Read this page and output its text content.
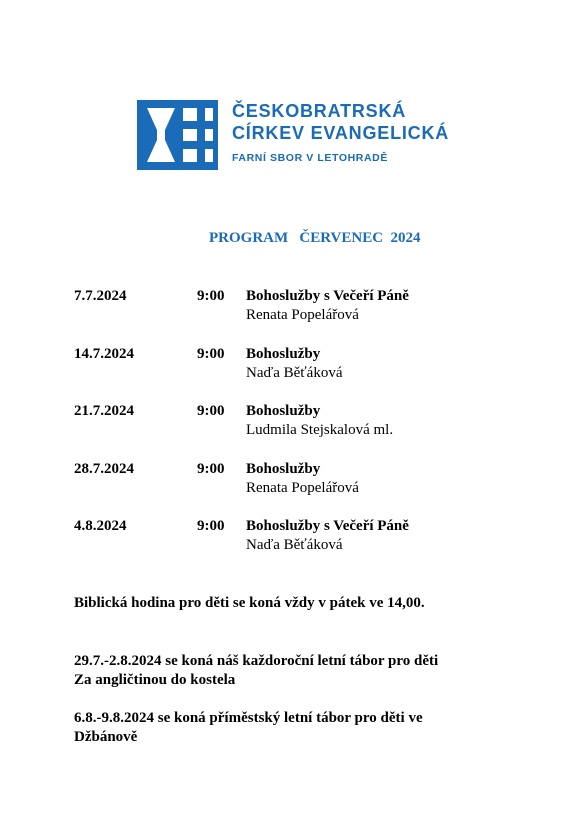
ČESKOBRATRSKÁ
CÍRKEV EVANGELICKÁ
FARNÍ SBOR V LETOHRADĚ
PROGRAM   ČERVENEC  2024
7.7.2024	9:00 Bohoslužby s Večeří Páně
Renata Popelářová
14.7.2024	9:00 Bohoslužby
Naďa Běťáková
21.7.2024	9:00 Bohoslužby
Ludmila Stejskalová ml.
28.7.2024	9:00 Bohoslužby
Renata Popelářová
4.8.2024	9:00 Bohoslužby s Večeří Páně
Naďa Běťáková
Biblická hodina pro děti se koná vždy v pátek ve 14,00.
29.7.-2.8.2024 se koná náš každoroční letní tábor pro děti
Za angličtinou do kostela
6.8.-9.8.2024 se koná příměstský letní tábor pro děti ve
Džbánově
